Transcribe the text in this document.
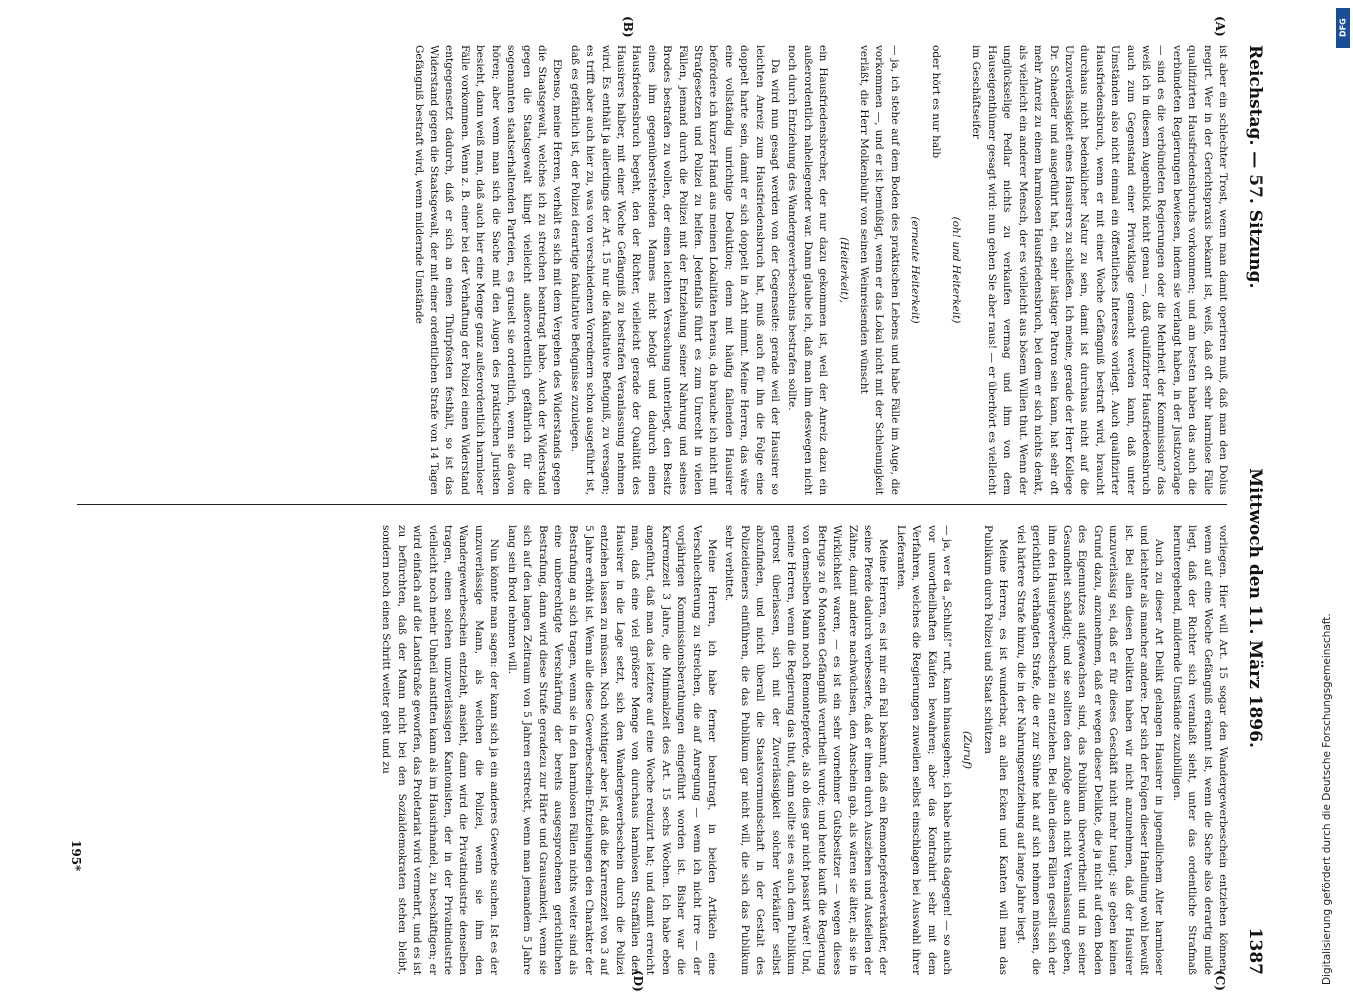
Reichstag. — 57. Sitzung.
Mittwoch den 11. März 1896.
1387

ist aber ein schlechter Trost, wenn man damit operiren muß, daß man den Dolus negirt. Wer in der Gerichtspraxis bekannt ist, weiß, daß oft sehr harmlose Fälle qualifizirten Hausfriedensbruchs vorkommen; und am besten haben das auch die verbündeten Regierungen bewiesen, indem sie verlangt haben, in der Justizvorlage — sind es die verbündeten Regierungen oder die Mehrheit der Kommission? das weiß ich in diesem Augenblick nicht genau —, daß qualifizirter Hausfriedensbruch auch zum Gegenstand einer Privatklage gemacht werden kann, daß unter Umständen also nicht einmal ein öffentliches Interesse vorliegt. Auch qualifizirter Hausfriedensbruch, wenn er mit einer Woche Gefängniß bestraft wird, braucht durchaus nicht bedenklicher Natur zu sein, damit ist durchaus nicht auf die Unzuverlässigkeit eines Hausirers zu schließen. Ich meine, gerade der Herr Kollege Dr. Schaedler und ausgeführt hat, ein sehr lästiger Patron sein kann, hat sehr oft mehr Anreiz zu einem harmlosen Hausfriedensbruch, bei dem er sich nichts denkt, als vielleicht ein anderer Mensch, der es vielleicht aus bösem Willen thut. Wenn der unglückselige Pedlar nichts zu verkaufen vermag und ihm von dem Hauseigenthümer gesagt wird: nun gehen Sie aber raus! — er überhört es vielleicht im Geschäftseifer

(oh! und Heiterkeit)

oder hört es nur halb

(erneute Heiterkeit)

— ja, ich stehe auf dem Boden des praktischen Lebens und habe Fälle im Auge, die vorkommen —, und er ist bemüßigt, wenn er das Lokal nicht mit der Schleunigkeit verläßt, die Herr Molkenbuhr von seinen Weinreisenden wünscht

(Heiterkeit),

ein Hausfriedensbrecher, der nur dazu gekommen ist, weil der Anreiz dazu ein außerordentlich naheliegender war. Dann glaube ich, daß man ihm deswegen nicht noch durch Entziehung des Wandergewerbescheins bestrafen sollte.

Da wird nun gesagt werden von der Gegenseite: gerade weil der Hausirer so leichten Anreiz zum Hausfriedensbruch hat, muß auch für ihn die Folge eine doppelt harte sein, damit er sich doppelt in Acht nimmt. Meine Herren, das wäre eine vollständig unrichtige Deduktion; denn mit häufig fallenden Hausirer befördere ich kurzer Hand aus meinen Lokalitäten heraus, da brauche ich nicht mit Strafgesetzen und Polizei zu helfen. Jedenfalls führt es zum Unrecht in vielen Fällen, jemand durch die Polizei mit der Entziehung seiner Nahrung und seines Brodes bestrafen zu wollen, der einen leichten Versuchung unterliegt, den Besitz eines ihm gegenüberstehenden Mannes nicht befolgt und dadurch einen Hausfriedensbruch begeht, den der Richter, vielleicht gerade der Qualität des Hausirers halber, mit einer Woche Gefängniß zu bestrafen Veranlassung nehmen wird. Es enthält ja allerdings der Art. 15 nur die fakultative Befugniß, zu versagen; es trifft aber auch hier zu, was von verschiedenen Vorrednern schon ausgeführt ist, daß es gefährlich ist, der Polizei derartige fakultative Befugnisse zuzulegen.

Ebenso, meine Herren, verhält es sich mit dem Vergehen des Widerstands gegen die Staatsgewalt, welches ich zu streichen beantragt habe. Auch der Widerstand gegen die Staatsgewalt klingt vielleicht außerordentlich gefährlich für die sogenannten staatserhaltenden Parteien, es gruselt sie ordentlich, wenn sie davon hören; aber wenn man sich die Sache mit den Augen des praktischen Juristen besieht, dann weiß man, daß auch hier eine Menge ganz außerordentlich harmloser Fälle vorkommen. Wenn z. B. einer bei der Verhaftung der Polizei einen Widerstand entgegensetzt dadurch, daß er sich an einen Thürpfosten festhält, so ist das Widerstand gegen die Staatsgewalt, der mit einer ordentlichen Strafe von 14 Tagen Gefängniß bestraft wird, wenn mildernde Umstände

vorliegen. Hier will Art. 15 sogar den Wandergewerbeschein entziehen können, wenn auf eine Woche Gefängniß erkannt ist, wenn die Sache also derartig milde liegt, daß der Richter sich veranlaßt sieht, unter das ordentliche Strafmaß heruntergehend, mildernde Umstände zuzubilligen.

Auch zu dieser Art Delikt gelangen Hausirer in jugendlichem Alter harmloser und leichter als mancher andere. Der sich der Folgen dieser Handlung wohl bewußt ist. Bei allen diesen Delikten haben wir nicht anzunehmen, daß der Hausirer unzuverlässig sei, daß er für dieses Geschäft nicht mehr taugt; sie geben keinen Grund dazu, anzunehmen, daß er wegen dieser Delikte, die ja nicht auf dem Boden des Eigennutzes aufgewachsen sind, das Publikum überwortheilt und in seiner Gesundheit schädigt; und sie sollten den zufolge auch nicht Veranlassung geben, ihm den Hausirgewerbeschein zu entziehen. Bei allen diesen Fällen gesellt sich der gerichtlich verhängten Strafe, die er zur Sühne hat auf sich nehmen müssen, die viel härtere Strafe hinzu, die in der Nahrungsentziehung auf lange Jahre liegt.

Meine Herren, es ist wunderbar, an allen Ecken und Kanten will man das Publikum durch Polizei und Staat schützen

(Zuruf)

— ja, wer da „Schluß!“ ruft, kann hinausgehen; ich habe nichts dagegen! — so auch vor unvortheilhaften Käufen bewahren; aber das Kontrahirt sehr mit dem Verfahren, welches die Regierungen zuweilen selbst einschlagen bei Auswahl ihrer Lieferanten.

Meine Herren, es ist mir ein Fall bekannt, daß ein Remontepferdeverkäufer, der seine Pferde dadurch verbesserte, daß er ihnen durch Ausziehen und Ausfeilen der Zähne, damit andere nachwüchsen, den Anschein gab, als wären sie älter, als sie in Wirklichkeit waren, — es ist ein sehr vornehmer Gutsbesitzer — wegen dieses Betrugs zu 6 Monaten Gefängniß verurtheilt wurde; und heute kauft die Regierung von demselben Mann noch Remontepferde, als ob dies gar nicht passirt wäre! Und, meine Herren, wenn die Regierung das thut, dann sollte sie es auch dem Publikum getrost überlassen, sich mit der Zuverlässigkeit solcher Verkäufer selbst abzufinden, und nicht überall die Staatsvormundschaft in der Gestalt des Polizeidieners einführen, die das Publikum gar nicht will, die sich das Publikum sehr verbittet.

Meine Herren, ich habe ferner beantragt, in beiden Artikeln eine Verschlechterung zu streichen, die auf Anregung — wenn ich nicht irre — der vorjährigen Kommissionsberathungen eingeführt worden ist. Bisher war die Karrenzzeit 3 Jahre, die Minimalzeit des Art. 15 sechs Wochen. Ich habe eben angeführt, daß man das letztere auf eine Woche reduzirt hat; und damit erreicht man, daß eine viel größere Menge von durchaus harmlosen Straffällen den Hausirer in die Lage setzt, sich den Wandergewerbeschein durch die Polizei entziehen lassen zu müssen. Noch wichtiger aber ist, daß die Karrenzzeit von 3 auf 5 Jahre erhöht ist. Wenn alle diese Gewerbeschein-Entziehungen den Charakter der Bestrafung an sich tragen, wenn sie in den harmlosen Fällen nichts weiter sind als eine unberechtigte Verschärfung der bereits ausgesprochenen gerichtlichen Bestrafung, dann wird diese Strafe geradezu zur Härte und Grausamkeit, wenn sie sich auf den langen Zeitraum von 5 Jahren erstreckt, wenn man jemandem 5 Jahre lang sein Brod nehmen will.

Nun könnte man sagen: der kann sich ja ein anderes Gewerbe suchen. Ist es der unzuverlässige Mann, als welchen die Polizei, wenn sie ihm den Wandergewerbeschein entzieht, ansieht, dann wird die Privatindustrie denselben tragen, einen solchen unzuverlässigen Kantonisten, der in der Privatindustrie vielleicht noch mehr Unheil anstiften kann als im Hausirhandel, zu beschäftigen; er wird einfach auf die Landstraße geworfen, das Proletariat wird vermehrt, und es ist zu befürchten, daß der Mann nicht bei den Sozialdemokraten stehen bleibt, sondern noch einen Schritt weiter geht und zu

(A)
(B)
(C)
(D)
195*
DFG
Digitalisierung gefördert durch die Deutsche Forschungsgemeinschaft.
